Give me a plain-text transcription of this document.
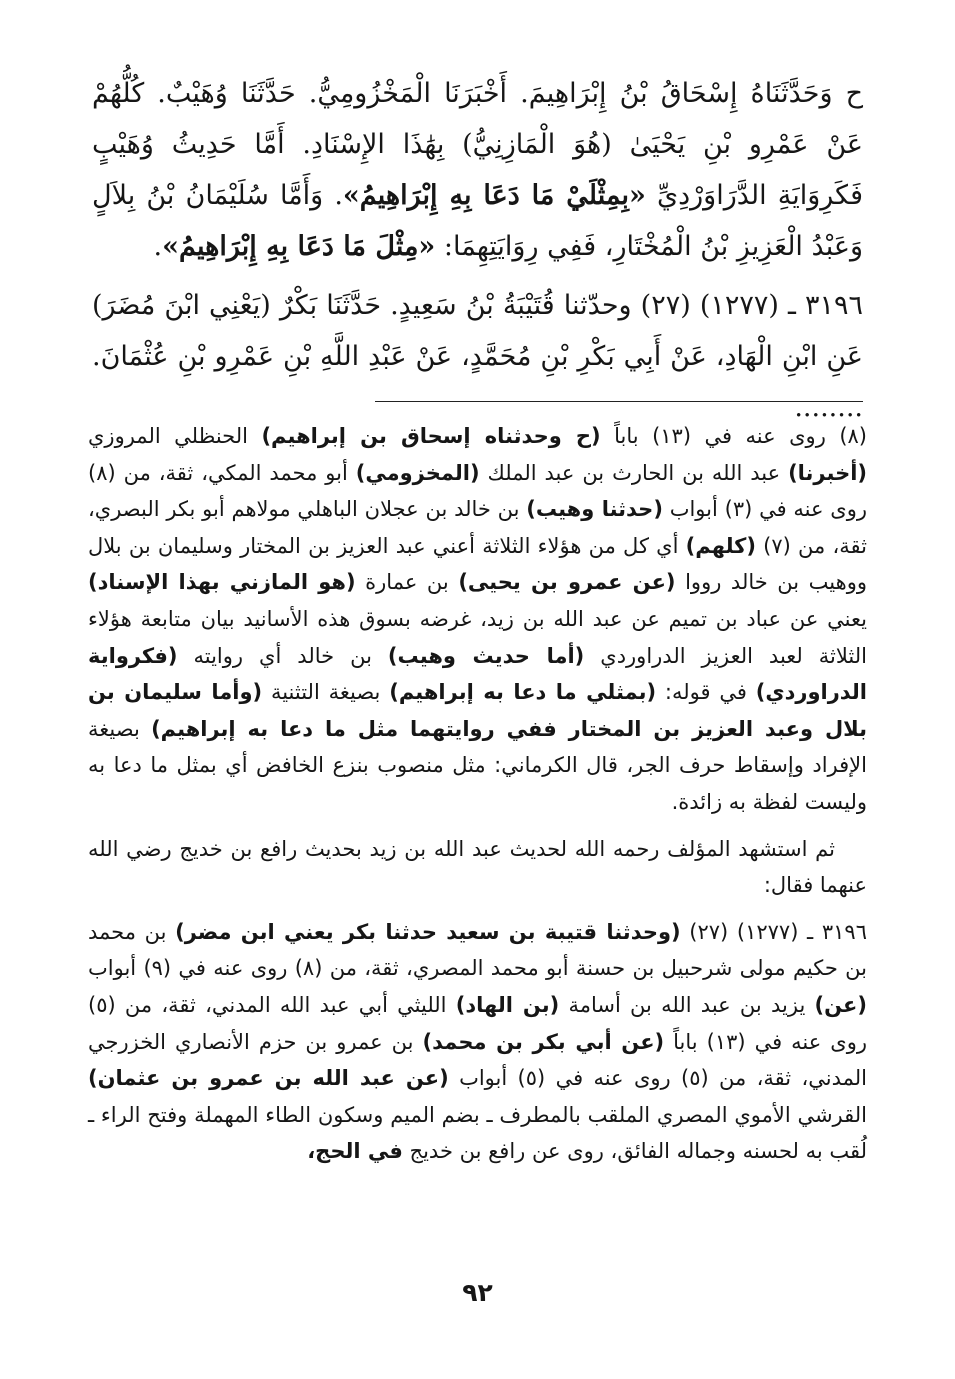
ح وَحَدَّثَنَاهُ إِسْحَاقُ بْنُ إِبْرَاهِيمَ. أَخْبَرَنَا الْمَخْزُومِيُّ. حَدَّثَنَا وُهَيْبٌ. كُلُّهُمْ عَنْ عَمْرِو بْنِ يَحْيَىٰ (هُوَ الْمَازِنِيُّ) بِهَٰذَا الإِسْنَادِ. أَمَّا حَدِيثُ وُهَيْبٍ فَكَرِوَايَةِ الدَّرَاوَرْدِيِّ «بِمِثْلَيْ مَا دَعَا بِهِ إِبْرَاهِيمُ». وَأَمَّا سُلَيْمَانُ بْنُ بِلاَلٍ وَعَبْدُ الْعَزِيزِ بْنُ الْمُخْتَارِ، فَفِي رِوَايَتِهِمَا: «مِثْلَ مَا دَعَا بِهِ إِبْرَاهِيمُ».

٣١٩٦ ـ (١٢٧٧) (٢٧) وحدّثنا قُتَيْبَةُ بْنُ سَعِيدٍ. حَدَّثَنَا بَكْرٌ (يَعْنِي ابْنَ مُضَرَ) عَنِ ابْنِ الْهَادِ، عَنْ أَبِي بَكْرِ بْنِ مُحَمَّدٍ، عَنْ عَبْدِ اللَّهِ بْنِ عَمْرِو بْنِ عُثْمَانَ. ........

(٨) روى عنه في (١٣) باباً (ح وحدثناه إسحاق بن إبراهيم) الحنظلي المروزي (أخبرنا) عبد الله بن الحارث بن عبد الملك (المخزومي) أبو محمد المكي، ثقة، من (٨) روى عنه في (٣) أبواب (حدثنا وهيب) بن خالد بن عجلان الباهلي مولاهم أبو بكر البصري، ثقة، من (٧) (كلهم) أي كل من هؤلاء الثلاثة أعني عبد العزيز بن المختار وسليمان بن بلال ووهيب بن خالد رووا (عن عمرو بن يحيى) بن عمارة (هو المازني بهذا الإسناد) يعني عن عباد بن تميم عن عبد الله بن زيد، غرضه بسوق هذه الأسانيد بيان متابعة هؤلاء الثلاثة لعبد العزيز الدراوردي (أما حديث وهيب) بن خالد أي روايته (فكرواية الدراوردي) في قوله: (بمثلي ما دعا به إبراهيم) بصيغة التثنية (وأما سليمان بن بلال وعبد العزيز بن المختار ففي روايتهما مثل ما دعا به إبراهيم) بصيغة الإفراد وإسقاط حرف الجر، قال الكرماني: مثل منصوب بنزع الخافض أي بمثل ما دعا به وليست لفظة به زائدة.

ثم استشهد المؤلف رحمه الله لحديث عبد الله بن زيد بحديث رافع بن خديج رضي الله عنهما فقال:

٣١٩٦ ـ (١٢٧٧) (٢٧) (وحدثنا قتيبة بن سعيد حدثنا بكر يعني ابن مضر) بن محمد بن حكيم مولى شرحبيل بن حسنة أبو محمد المصري، ثقة، من (٨) روى عنه في (٩) أبواب (عن) يزيد بن عبد الله بن أسامة (بن الهاد) الليثي أبي عبد الله المدني، ثقة، من (٥) روى عنه في (١٣) باباً (عن أبي بكر بن محمد) بن عمرو بن حزم الأنصاري الخزرجي المدني، ثقة، من (٥) روى عنه في (٥) أبواب (عن عبد الله بن عمرو بن عثمان) القرشي الأموي المصري الملقب بالمطرف ـ بضم الميم وسكون الطاء المهملة وفتح الراء ـ لُقب به لحسنه وجماله الفائق، روى عن رافع بن خديج في الحج،

٩٢
